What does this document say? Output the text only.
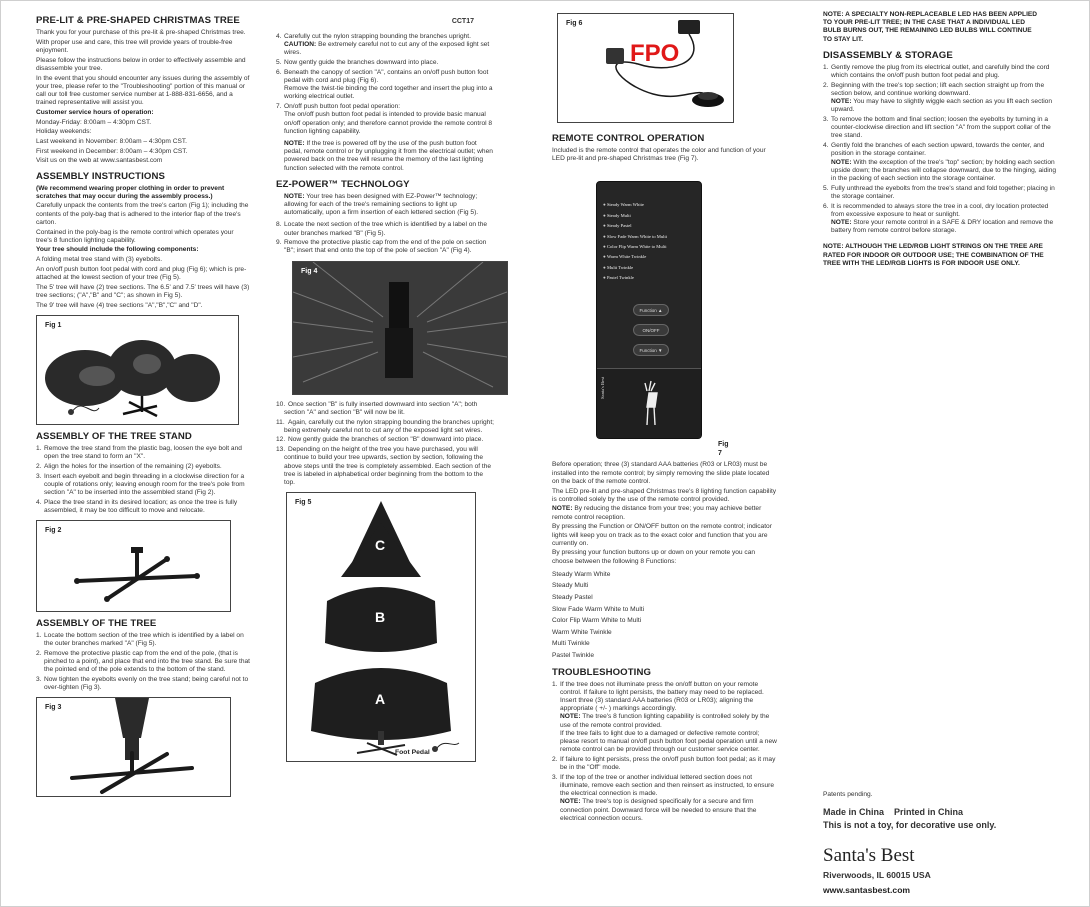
PRE-LIT & PRE-SHAPED CHRISTMAS TREE	CCT17

Thank you for your purchase of this pre-lit & pre-shaped Christmas tree.

With proper use and care, this tree will provide years of trouble-free enjoyment.

Please follow the instructions below in order to effectively assemble and disassemble your tree.

In the event that you should encounter any issues during the assembly of your tree, please refer to the "Troubleshooting" portion of this manual or call our toll free customer service number at 1-888-831-6656, and a trained representative will assist you.

Customer service hours of operation:

Monday-Friday: 8:00am – 4:30pm CST.

Holiday weekends:

Last weekend in November: 8:00am – 4:30pm CST.

First weekend in December: 8:00am – 4:30pm CST.

Visit us on the web at www.santasbest.com

ASSEMBLY INSTRUCTIONS

(We recommend wearing proper clothing in order to prevent scratches that may occur during the assembly process.)

Carefully unpack the contents from the tree's carton (Fig 1); including the contents of the poly-bag that is adhered to the interior flap of the tree's carton.

Contained in the poly-bag is the remote control which operates your tree's 8 function lighting capability.

Your tree should include the following components:

A folding metal tree stand with (3) eyebolts.

An on/off push button foot pedal with cord and plug (Fig 6); which is pre-attached at the lowest section of your tree (Fig 5).

The 5' tree will have (2) tree sections. The 6.5' and 7.5' trees will have (3) tree sections; ("A","B" and "C"; as shown in Fig 5).

The 9' tree will have (4) tree sections "A","B","C" and "D".

Fig 1
ASSEMBLY OF THE TREE STAND
1. Remove the tree stand from the plastic bag, loosen the eye bolt and open the tree stand to form an "X".
2. Align the holes for the insertion of the remaining (2) eyebolts.
3. Insert each eyebolt and begin threading in a clockwise direction for a couple of rotations only; leaving enough room for the tree's pole from section "A" to be inserted into the assembled stand (Fig 2).
4. Place the tree stand in its desired location; as once the tree is fully assembled, it may be too difficult to move and relocate.
Fig 2
ASSEMBLY OF THE TREE
1. Locate the bottom section of the tree which is identified by a label on the outer branches marked "A" (Fig 5).
2. Remove the protective plastic cap from the end of the pole, (that is pinched to a point), and place that end into the tree stand. Be sure that the pointed end of the pole extends to the bottom of the stand.
3. Now tighten the eyebolts evenly on the tree stand; being careful not to over-tighten (Fig 3).
Fig 3
4. Carefully cut the nylon strapping bounding the branches upright.
CAUTION: Be extremely careful not to cut any of the exposed light set wires.
5. Now gently guide the branches downward into place.
6. Beneath the canopy of section "A", contains an on/off push button foot pedal with cord and plug (Fig 6).
Remove the twist-tie binding the cord together and insert the plug into a working electrical outlet.
7. On/off push button foot pedal operation:
The on/off push button foot pedal is intended to provide basic manual on/off operation only; and therefore cannot provide the remote control 8 function lighting capability.

NOTE: If the tree is powered off by the use of the push button foot pedal, remote control or by unplugging it from the electrical outlet; when powered back on the tree will resume the memory of the last lighting function selected with the remote control.

EZ-POWER™ TECHNOLOGY

NOTE: Your tree has been designed with EZ-Power™ technology; allowing for each of the tree's remaining sections to light up automatically, upon a firm insertion of each lettered section (Fig 5).

8. Locate the next section of the tree which is identified by a label on the outer branches marked "B" (Fig 5).
9. Remove the protective plastic cap from the end of the pole on section "B"; insert that end onto the top of the pole of section "A" (Fig 4).
Fig 4
10. Once section "B" is fully inserted downward into section "A"; both section "A" and section "B" will now be lit.
11. Again, carefully cut the nylon strapping bounding the branches upright; being extremely careful not to cut any of the exposed light set wires.
12. Now gently guide the branches of section "B" downward into place.
13. Depending on the height of the tree you have purchased, you will continue to build your tree upwards, section by section, following the above steps until the tree is completely assembled. Each section of the tree is labeled in alphabetical order beginning from the bottom to the top.
Fig 5
C
B
A
Foot Pedal
Fig 6
FPO
REMOTE CONTROL OPERATION

Included is the remote control that operates the color and function of your LED pre-lit and pre-shaped Christmas tree (Fig 7).

● Steady Warm White
● Steady Multi
● Steady Pastel
● Slow Fade Warm White to Multi
● Color Flip Warm White to Multi
● Warm White Twinkle
● Multi Twinkle
● Pastel Twinkle
Function ▲
ON/OFF
Function ▼
Santa's Best
Fig 7

Before operation; three (3) standard AAA batteries (R03 or LR03) must be installed into the remote control; by simply removing the slide plate located on the back of the remote control.

The LED pre-lit and pre-shaped Christmas tree's 8 lighting function capability is controlled solely by the use of the remote control provided.

NOTE: By reducing the distance from your tree; you may achieve better remote control reception.

By pressing the Function or ON/OFF button on the remote control; indicator lights will keep you on track as to the exact color and function that you are currently on.

By pressing your function buttons up or down on your remote you can choose between the following 8 Functions:

Steady Warm White
Steady Multi
Steady Pastel
Slow Fade Warm White to Multi
Color Flip Warm White to Multi
Warm White Twinkle
Multi Twinkle
Pastel Twinkle

TROUBLESHOOTING
1. If the tree does not illuminate press the on/off button on your remote control. If failure to light persists, the battery may need to be replaced. Insert three (3) standard AAA batteries (R03 or LR03); aligning the appropriate ( +/- ) markings accordingly.
NOTE: The tree's 8 function lighting capability is controlled solely by the use of the remote control provided.
If the tree fails to light due to a damaged or defective remote control; please resort to manual on/off push button foot pedal operation until a new remote control can be provided through our customer service center.
2. If failure to light persists, press the on/off push button foot pedal; as it may be in the "Off" mode.
3. If the top of the tree or another individual lettered section does not illuminate, remove each section and then reinsert as instructed, to ensure the electrical connection is made.
NOTE: The tree's top is designed specifically for a secure and firm connection point. Downward force will be needed to ensure that the electrical connection occurs.

NOTE: A SPECIALTY NON-REPLACEABLE LED HAS BEEN APPLIED TO YOUR PRE-LIT TREE; IN THE CASE THAT A INDIVIDUAL LED BULB BURNS OUT, THE REMAINING LED BULBS WILL CONTINUE TO STAY LIT.

DISASSEMBLY & STORAGE
1. Gently remove the plug from its electrical outlet, and carefully bind the cord which contains the on/off push button foot pedal and plug.
2. Beginning with the tree's top section; lift each section straight up from the section below, and continue working downward.
NOTE: You may have to slightly wiggle each section as you lift each section upward.
3. To remove the bottom and final section; loosen the eyebolts by turning in a counter-clockwise direction and lift section "A" from the support collar of the tree stand.
4. Gently fold the branches of each section upward, towards the center, and position in the storage container.
NOTE: With the exception of the tree's "top" section; by holding each section upside down; the branches will collapse downward, due to the hinging, aiding in the packing of each section into the storage container.
5. Fully unthread the eyebolts from the tree's stand and fold together; placing in the storage container.
6. It is recommended to always store the tree in a cool, dry location protected from excessive exposure to heat or sunlight.
NOTE: Store your remote control in a SAFE & DRY location and remove the battery from remote control before storage.

NOTE: ALTHOUGH THE LED/RGB LIGHT STRINGS ON THE TREE ARE RATED FOR INDOOR OR OUTDOOR USE; THE COMBINATION OF THE TREE WITH THE LED/RGB LIGHTS IS FOR INDOOR USE ONLY.

Patents pending.

Made in China Printed in China

This is not a toy, for decorative use only.

Santa's Best

Riverwoods, IL 60015 USA

www.santasbest.com
